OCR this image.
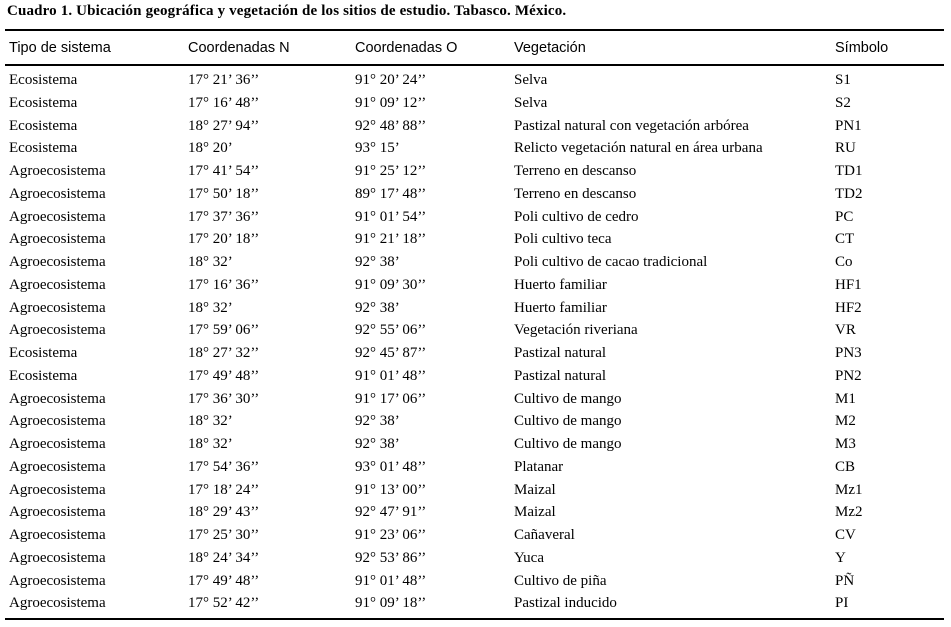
Cuadro 1. Ubicación geográfica y vegetación de los sitios de estudio. Tabasco. México.
Tipo de sistema	Coordenadas N	Coordenadas O	Vegetación	Símbolo
Ecosistema	17° 21’ 36’’	91° 20’ 24’’	Selva	S1
Ecosistema	17° 16’ 48’’	91° 09’ 12’’	Selva	S2
Ecosistema	18° 27’ 94’’	92° 48’ 88’’	Pastizal natural con vegetación arbórea	PN1
Ecosistema	18° 20’	93° 15’	Relicto vegetación natural en área urbana	RU
Agroecosistema	17° 41’ 54’’	91° 25’ 12’’	Terreno en descanso	TD1
Agroecosistema	17° 50’ 18’’	89° 17’ 48’’	Terreno en descanso	TD2
Agroecosistema	17° 37’ 36’’	91° 01’ 54’’	Poli cultivo de cedro	PC
Agroecosistema	17° 20’ 18’’	91° 21’ 18’’	Poli cultivo teca	CT
Agroecosistema	18° 32’	92° 38’	Poli cultivo de cacao tradicional	Co
Agroecosistema	17° 16’ 36’’	91° 09’ 30’’	Huerto familiar	HF1
Agroecosistema	18° 32’	92° 38’	Huerto familiar	HF2
Agroecosistema	17° 59’ 06’’	92° 55’ 06’’	Vegetación riveriana	VR
Ecosistema	18° 27’ 32’’	92° 45’ 87’’	Pastizal natural	PN3
Ecosistema	17° 49’ 48’’	91° 01’ 48’’	Pastizal natural	PN2
Agroecosistema	17° 36’ 30’’	91° 17’ 06’’	Cultivo de mango	M1
Agroecosistema	18° 32’	92° 38’	Cultivo de mango	M2
Agroecosistema	18° 32’	92° 38’	Cultivo de mango	M3
Agroecosistema	17° 54’ 36’’	93° 01’ 48’’	Platanar	CB
Agroecosistema	17° 18’ 24’’	91° 13’ 00’’	Maizal	Mz1
Agroecosistema	18° 29’ 43’’	92° 47’ 91’’	Maizal	Mz2
Agroecosistema	17° 25’ 30’’	91° 23’ 06’’	Cañaveral	CV
Agroecosistema	18° 24’ 34’’	92° 53’ 86’’	Yuca	Y
Agroecosistema	17° 49’ 48’’	91° 01’ 48’’	Cultivo de piña	PÑ
Agroecosistema	17° 52’ 42’’	91° 09’ 18’’	Pastizal inducido	PI
